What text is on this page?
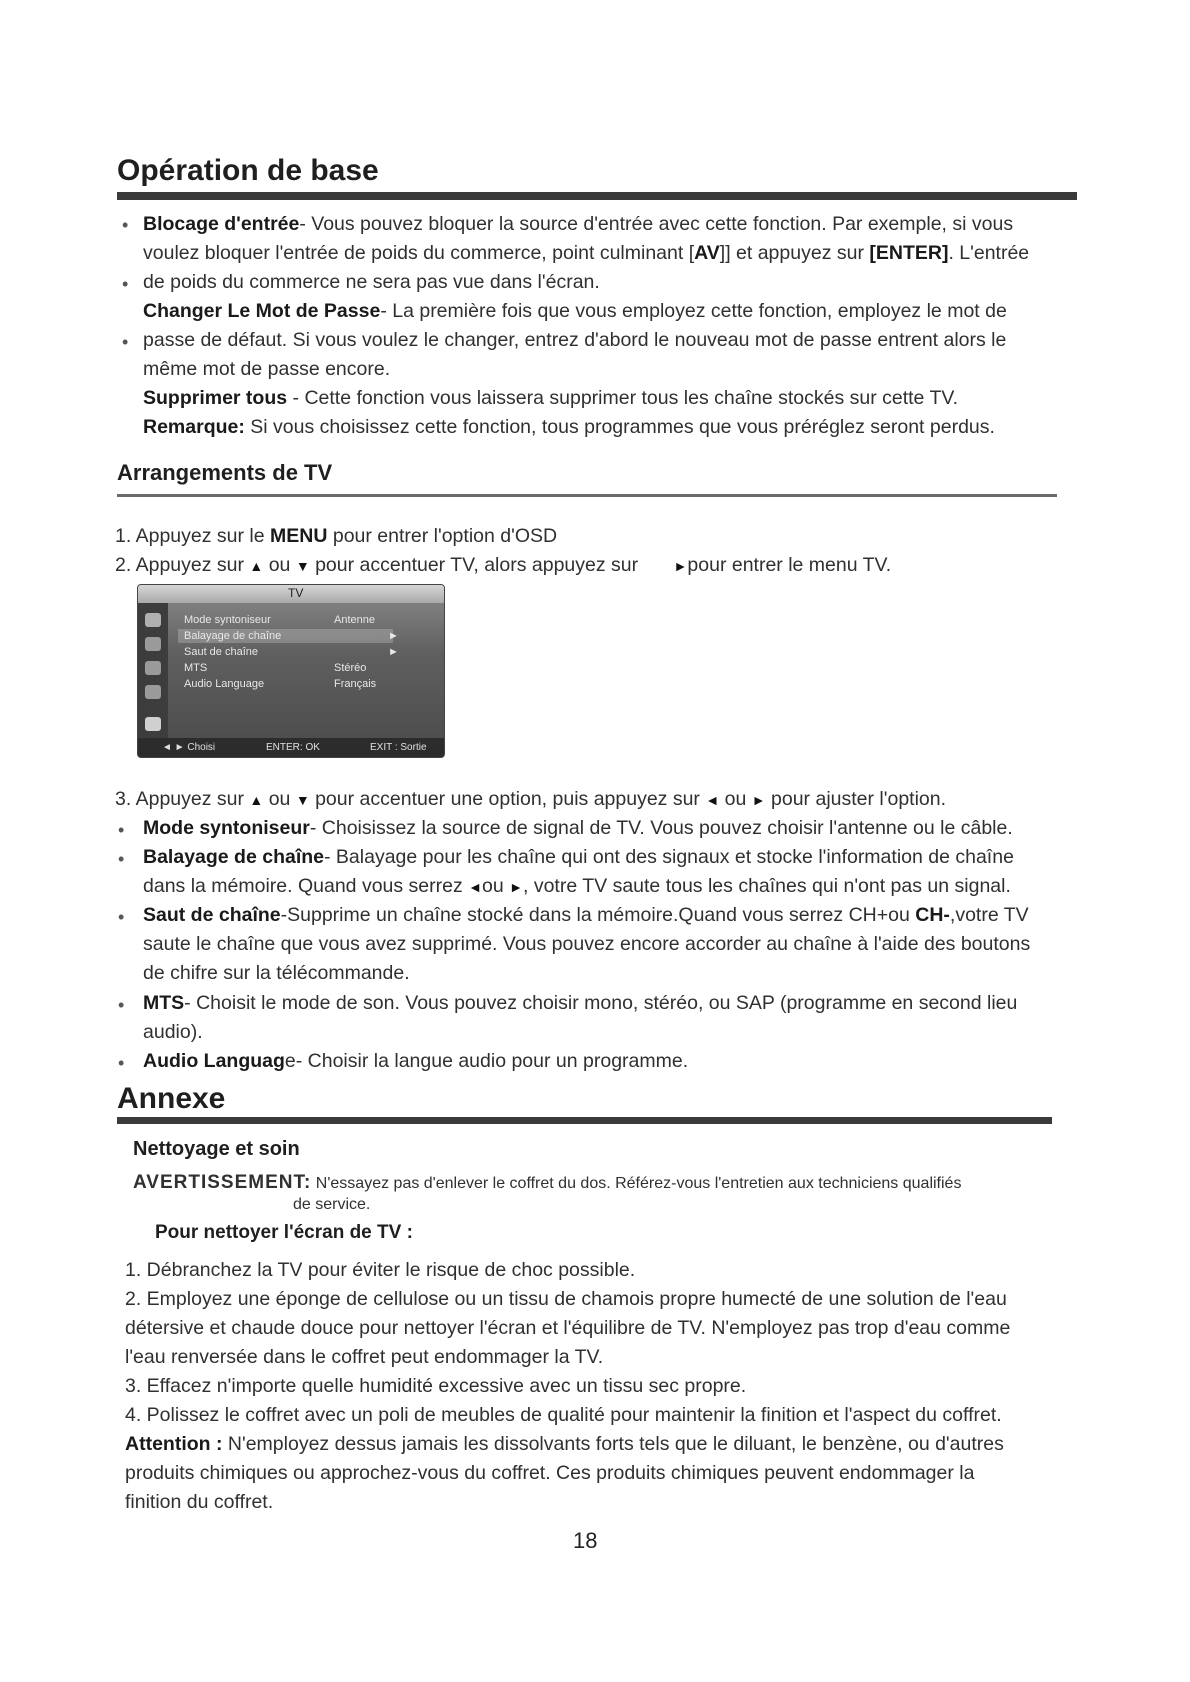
Opération de base
• Blocage d'entrée- Vous pouvez bloquer la source d'entrée avec cette fonction. Par exemple, si vous
voulez bloquer l'entrée de poids du commerce, point culminant [AV]] et appuyez sur [ENTER]. L'entrée
• de poids du commerce ne sera pas vue dans l'écran.
Changer Le Mot de Passe- La première fois que vous employez cette fonction, employez le mot de
• passe de défaut. Si vous voulez le changer, entrez d'abord le nouveau mot de passe entrent alors le
même mot de passe encore.
Supprimer tous - Cette fonction vous laissera supprimer tous les chaîne stockés sur cette TV.
Remarque: Si vous choisissez cette fonction, tous programmes que vous préréglez seront perdus.
Arrangements de TV
1. Appuyez sur le MENU pour entrer l'option d'OSD
2. Appuyez sur ▲ ou ▼ pour accentuer TV, alors appuyez sur ►pour entrer le menu TV.
TV
Mode syntoniseur	Antenne
Balayage de chaîne	►
Saut de chaîne	►
MTS	Stéréo
Audio Language	Français
◄ ► Choisi	ENTER: OK	EXIT : Sortie
3. Appuyez sur ▲ ou ▼ pour accentuer une option, puis appuyez sur ◄ ou ► pour ajuster l'option.
• Mode syntoniseur- Choisissez la source de signal de TV. Vous pouvez choisir l'antenne ou le câble.
• Balayage de chaîne- Balayage pour les chaîne qui ont des signaux et stocke l'information de chaîne
dans la mémoire. Quand vous serrez ◄ou ►, votre TV saute tous les chaînes qui n'ont pas un signal.
• Saut de chaîne-Supprime un chaîne stocké dans la mémoire.Quand vous serrez CH+ou CH-,votre TV
saute le chaîne que vous avez supprimé. Vous pouvez encore accorder au chaîne à l'aide des boutons
de chifre sur la télécommande.
• MTS- Choisit le mode de son. Vous pouvez choisir mono, stéréo, ou SAP (programme en second lieu
audio).
• Audio Language- Choisir la langue audio pour un programme.
Annexe
Nettoyage et soin
AVERTISSEMENT: N'essayez pas d'enlever le coffret du dos. Référez-vous l'entretien aux techniciens qualifiés
de service.
Pour nettoyer l'écran de TV :
1. Débranchez la TV pour éviter le risque de choc possible.
2. Employez une éponge de cellulose ou un tissu de chamois propre humecté de une solution de l'eau
détersive et chaude douce pour nettoyer l'écran et l'équilibre de TV. N'employez pas trop d'eau comme
l'eau renversée dans le coffret peut endommager la TV.
3. Effacez n'importe quelle humidité excessive avec un tissu sec propre.
4. Polissez le coffret avec un poli de meubles de qualité pour maintenir la finition et l'aspect du coffret.
Attention : N'employez dessus jamais les dissolvants forts tels que le diluant, le benzène, ou d'autres
produits chimiques ou approchez-vous du coffret. Ces produits chimiques peuvent endommager la
finition du coffret.
18
